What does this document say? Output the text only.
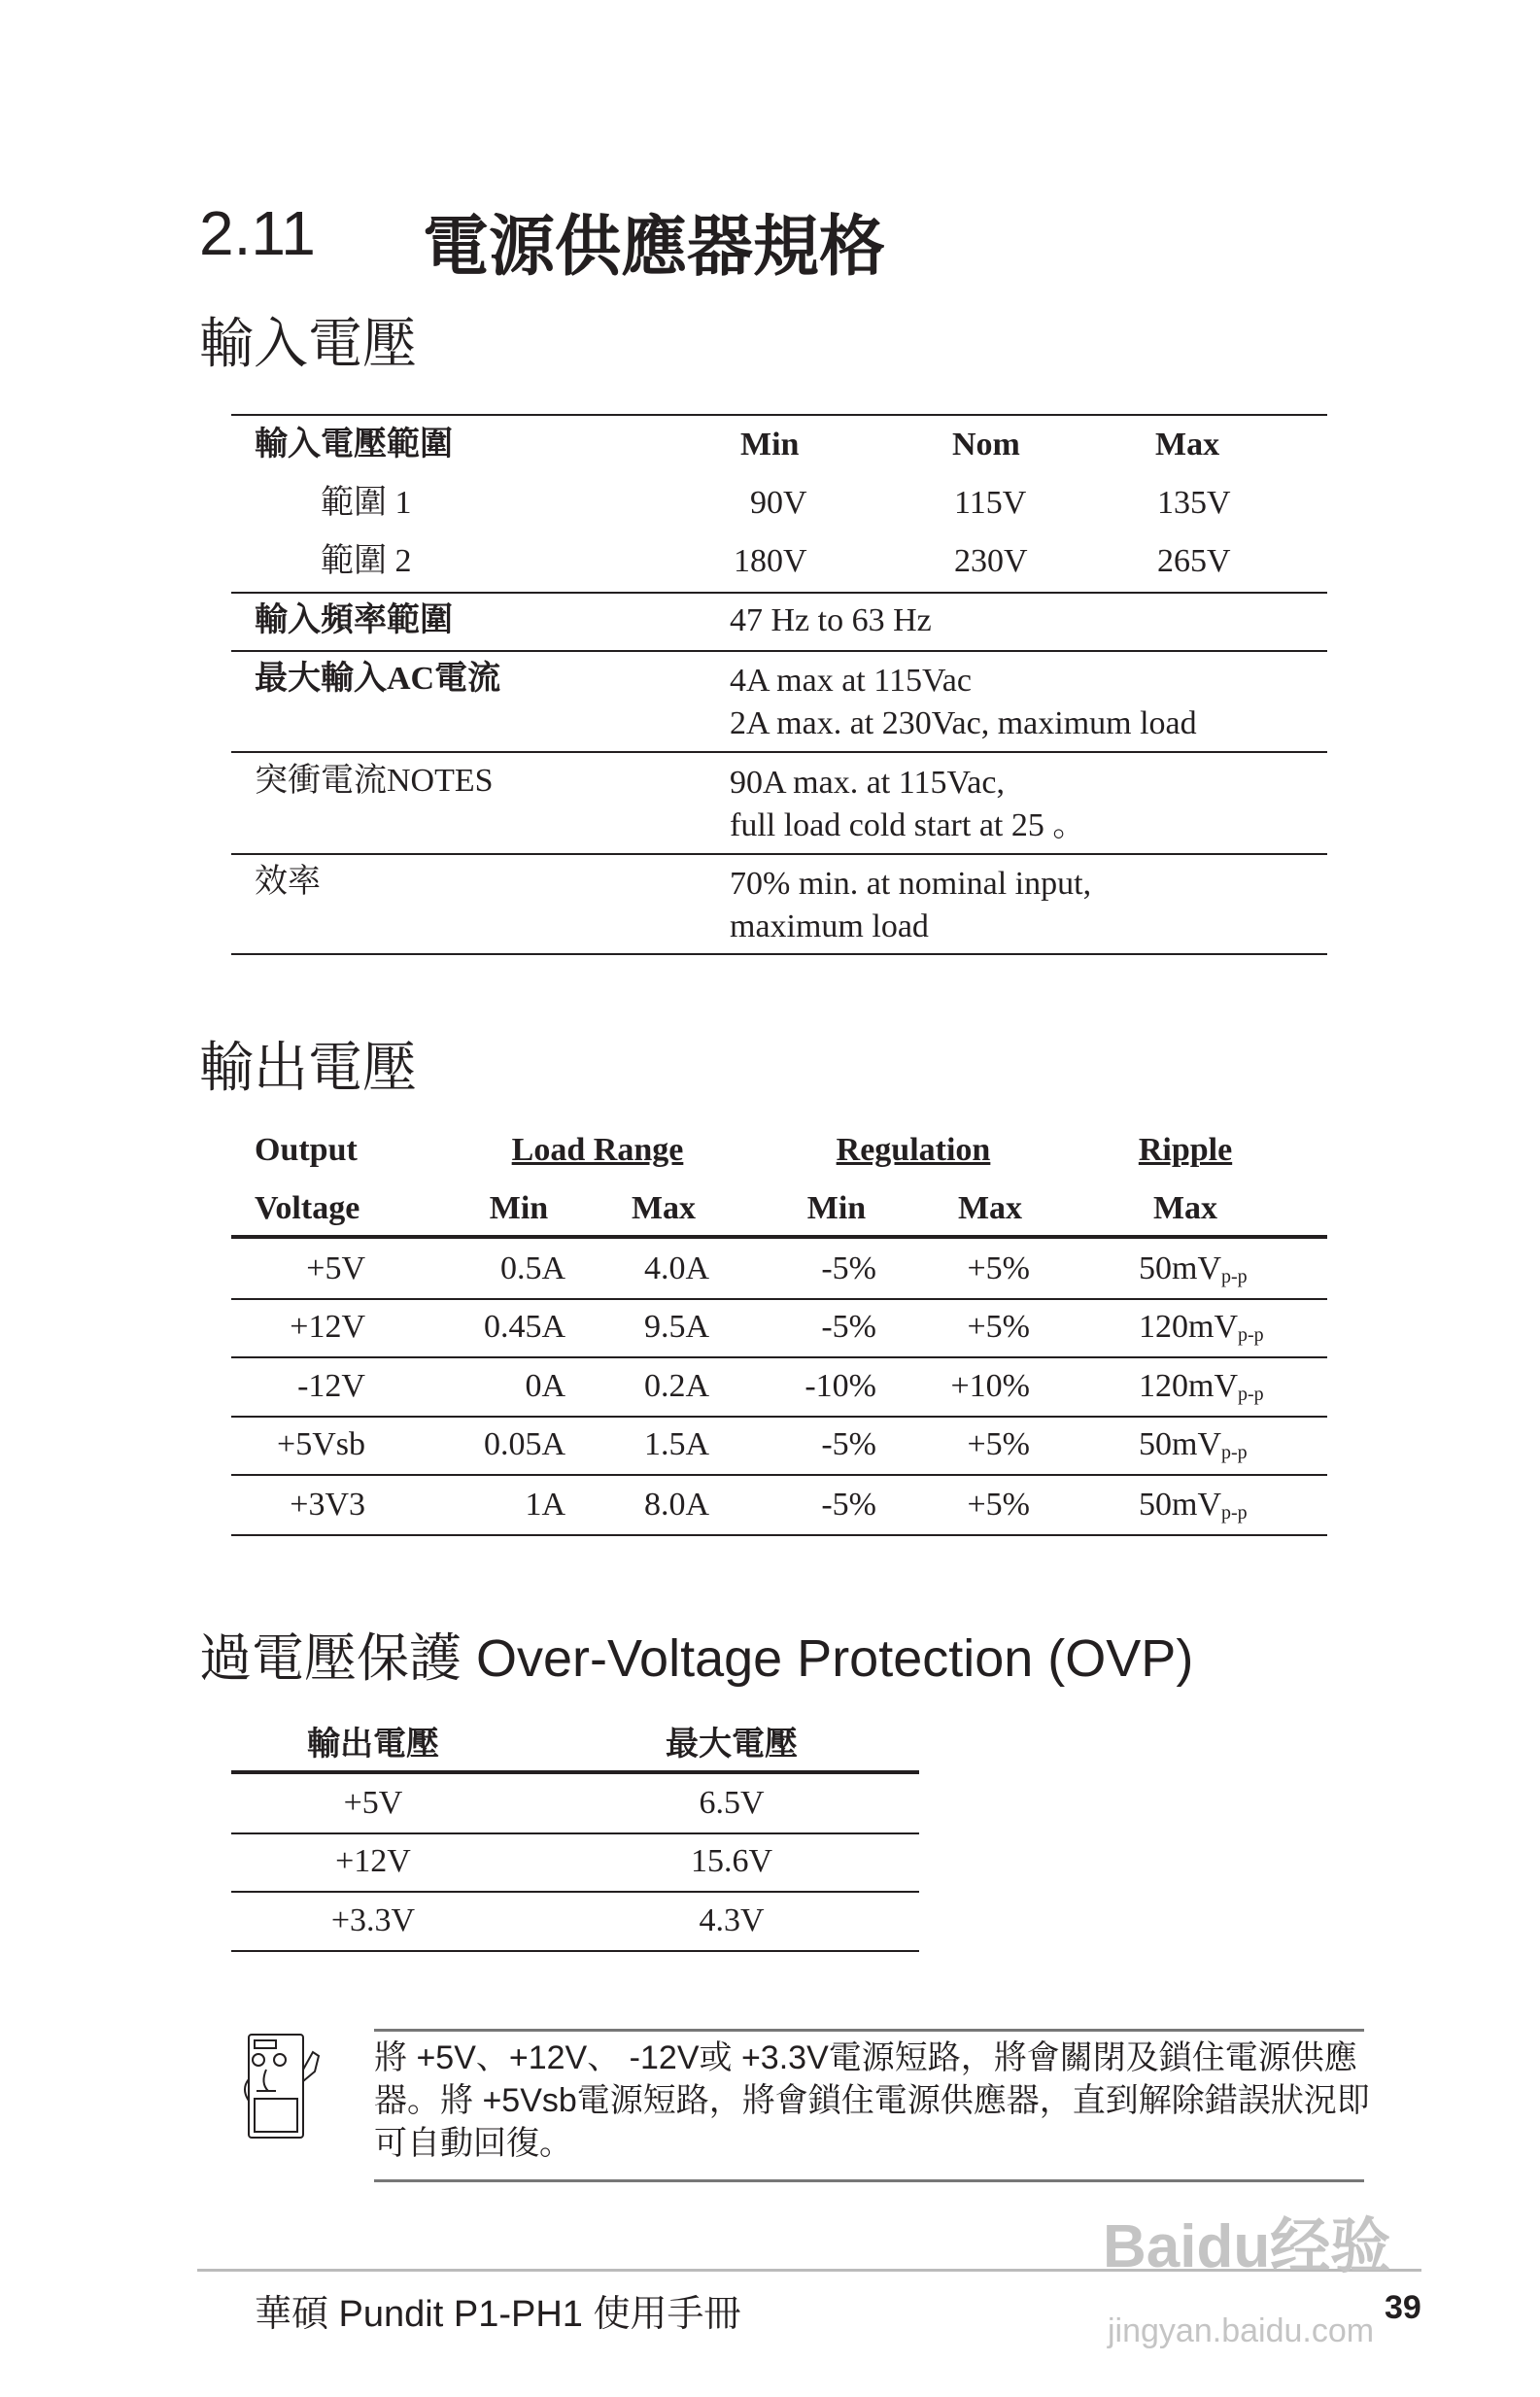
2.11 電源供應器規格
輸入電壓
輸入電壓範圍	Min	Nom	Max
範圍 1	90V	115V	135V
範圍 2	180V	230V	265V
輸入頻率範圍	47 Hz to 63 Hz
最大輸入AC電流	4A max at 115Vac
2A max. at 230Vac, maximum load
突衝電流NOTES	90A max. at 115Vac,
full load cold start at 25 。
效率	70% min. at nominal input,
maximum load
輸出電壓
Output	Load Range	Regulation	Ripple
Voltage	Min	Max	Min	Max	Max
+5V	0.5A 4.0A	-5%	+5%	$50mV_{p-p}$
+12V	0.45A 9.5A	-5%	+5%	$120mV_{p-p}$
-12V	0A 0.2A	-10% +10%	$120mV_{p-p}$
+5Vsb	0.05A 1.5A	-5%	+5%	$50mV_{p-p}$
+3V3	1A 8.0A	-5%	+5%	$50mV_{p-p}$
過電壓保護 Over-Voltage Protection (OVP)
輸出電壓	最大電壓
+5V	6.5V
+12V	15.6V
+3.3V	4.3V
將 +5V、+12V、 -12V或 +3.3V電源短路，將會關閉及鎖住電源供應
器。將 +5Vsb電源短路，將會鎖住電源供應器，直到解除錯誤狀況即
可自動回復。
Baidu经验
jingyan.baidu.com
華碩 Pundit P1-PH1 使用手冊	39
